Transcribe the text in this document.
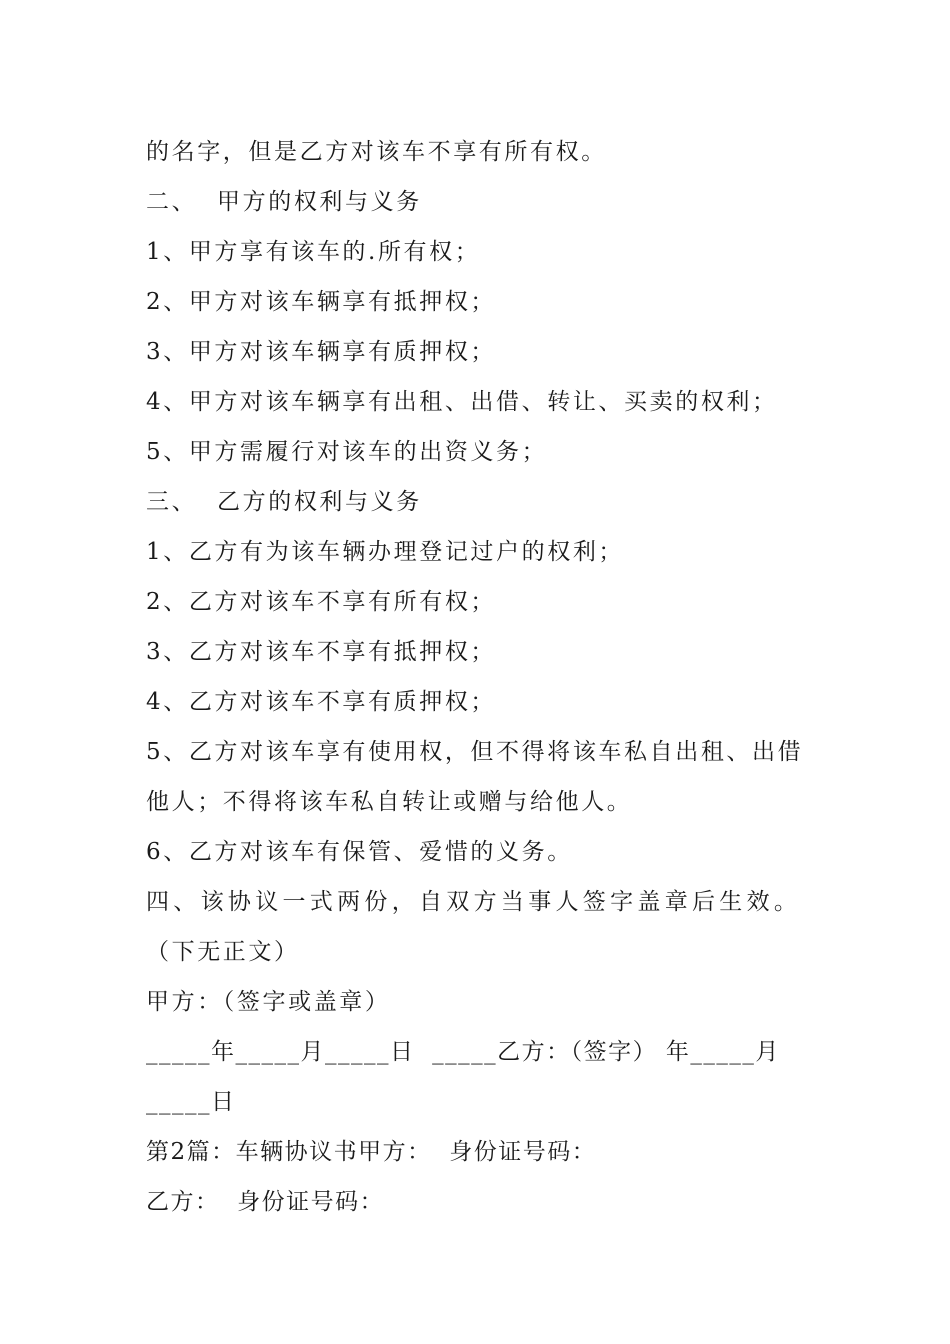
的名字，但是乙方对该车不享有所有权。
二、  甲方的权利与义务
1、甲方享有该车的.所有权；
2、甲方对该车辆享有抵押权；
3、甲方对该车辆享有质押权；
4、甲方对该车辆享有出租、出借、转让、买卖的权利；
5、甲方需履行对该车的出资义务；
三、  乙方的权利与义务
1、乙方有为该车辆办理登记过户的权利；
2、乙方对该车不享有所有权；
3、乙方对该车不享有抵押权；
4、乙方对该车不享有质押权；
5、乙方对该车享有使用权，但不得将该车私自出租、出借
他人；不得将该车私自转让或赠与给他人。
6、乙方对该车有保管、爱惜的义务。
四、该协议一式两份，自双方当事人签字盖章后生效。
（下无正文）
甲方：（签字或盖章）
_____年_____月_____日  _____乙方：（签字） 年_____月
_____日
第2篇：车辆协议书甲方：  身份证号码：
乙方：  身份证号码：
